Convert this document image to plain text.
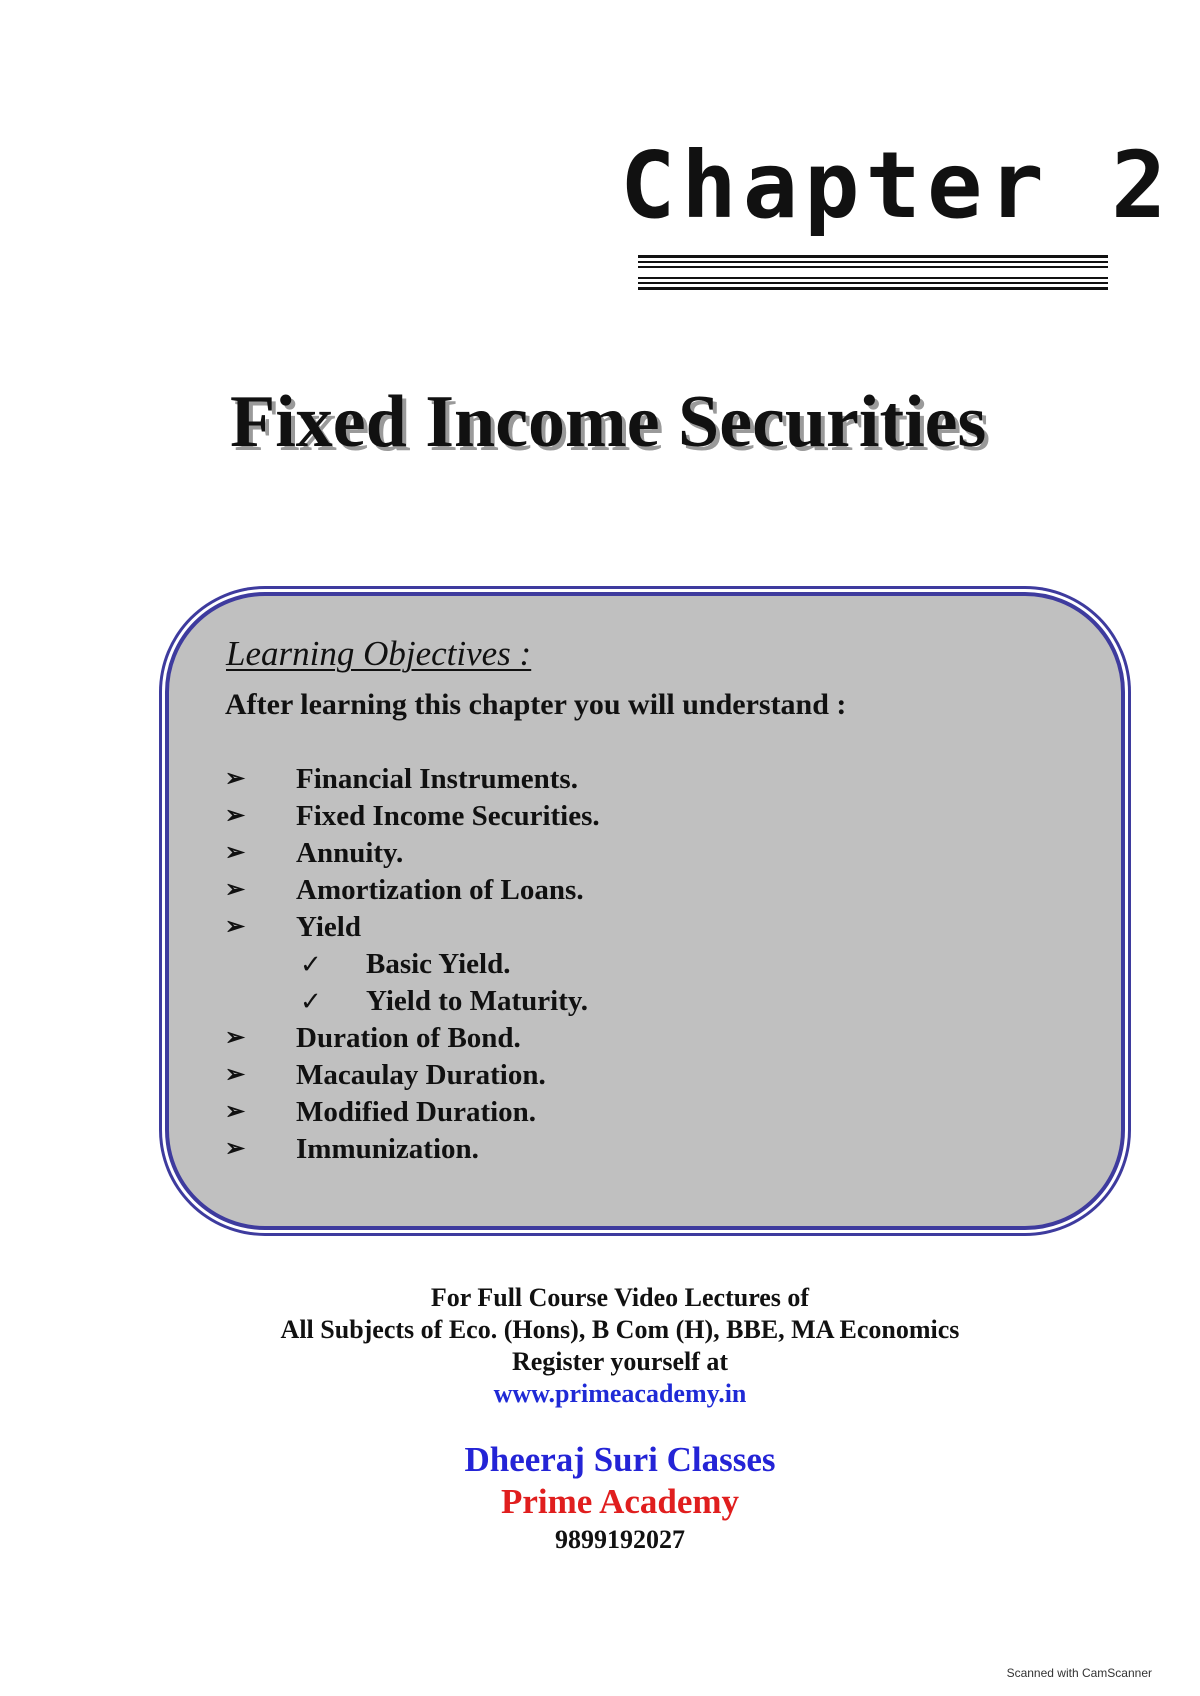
Chapter 2
Fixed Income Securities
Learning Objectives :
After learning this chapter you will understand :
➢ Financial Instruments.
➢ Fixed Income Securities.
➢ Annuity.
➢ Amortization of Loans.
➢ Yield
✓ Basic Yield.
✓ Yield to Maturity.
➢ Duration of Bond.
➢ Macaulay Duration.
➢ Modified Duration.
➢ Immunization.
For Full Course Video Lectures of
All Subjects of Eco. (Hons), B Com (H), BBE, MA Economics
Register yourself at
www.primeacademy.in
Dheeraj Suri Classes
Prime Academy
9899192027
Scanned with CamScanner
